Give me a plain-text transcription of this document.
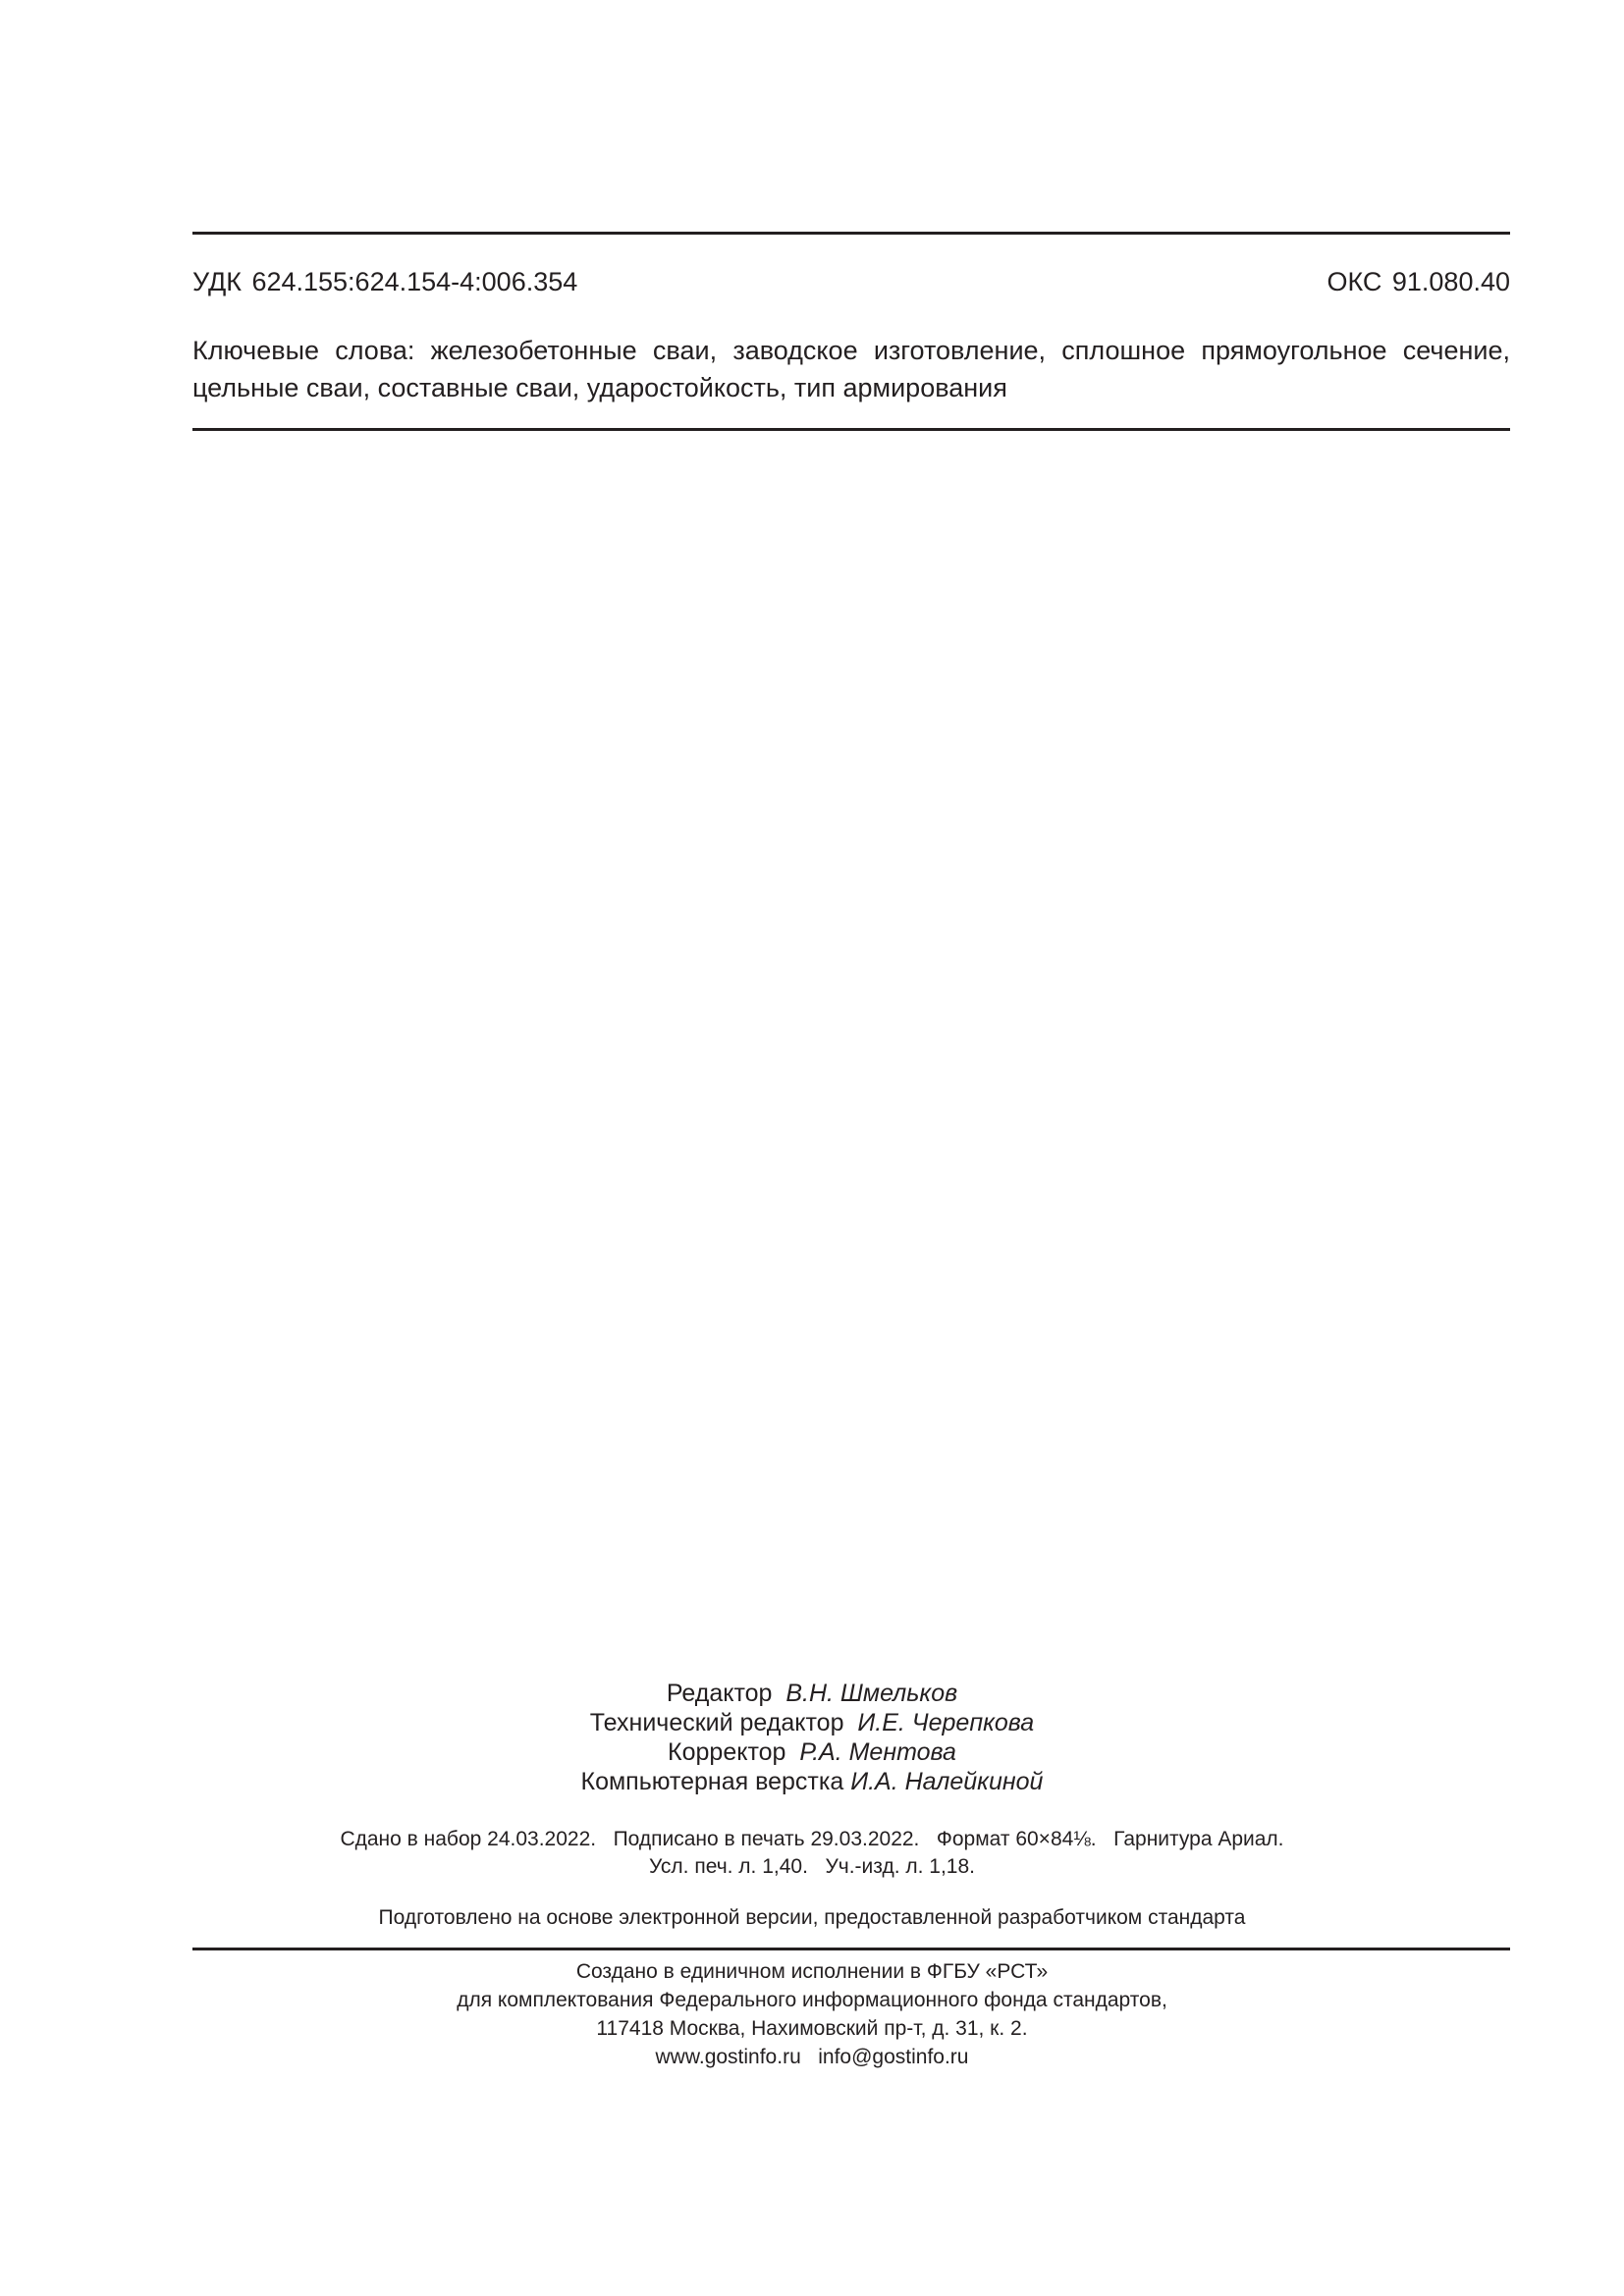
УДК 624.155:624.154-4:006.354	ОКС 91.080.40
Ключевые слова: железобетонные сваи, заводское изготовление, сплошное прямоугольное сечение, цельные сваи, составные сваи, ударостойкость, тип армирования
Редактор  В.Н. Шмельков
Технический редактор  И.Е. Черепкова
Корректор  Р.А. Ментова
Компьютерная верстка И.А. Налейкиной
Сдано в набор 24.03.2022.   Подписано в печать 29.03.2022.   Формат 60×84⅛.   Гарнитура Ариал.
Усл. печ. л. 1,40.   Уч.-изд. л. 1,18.
Подготовлено на основе электронной версии, предоставленной разработчиком стандарта
Создано в единичном исполнении в ФГБУ «РСТ»
для комплектования Федерального информационного фонда стандартов,
117418 Москва, Нахимовский пр-т, д. 31, к. 2.
www.gostinfo.ru   info@gostinfo.ru
